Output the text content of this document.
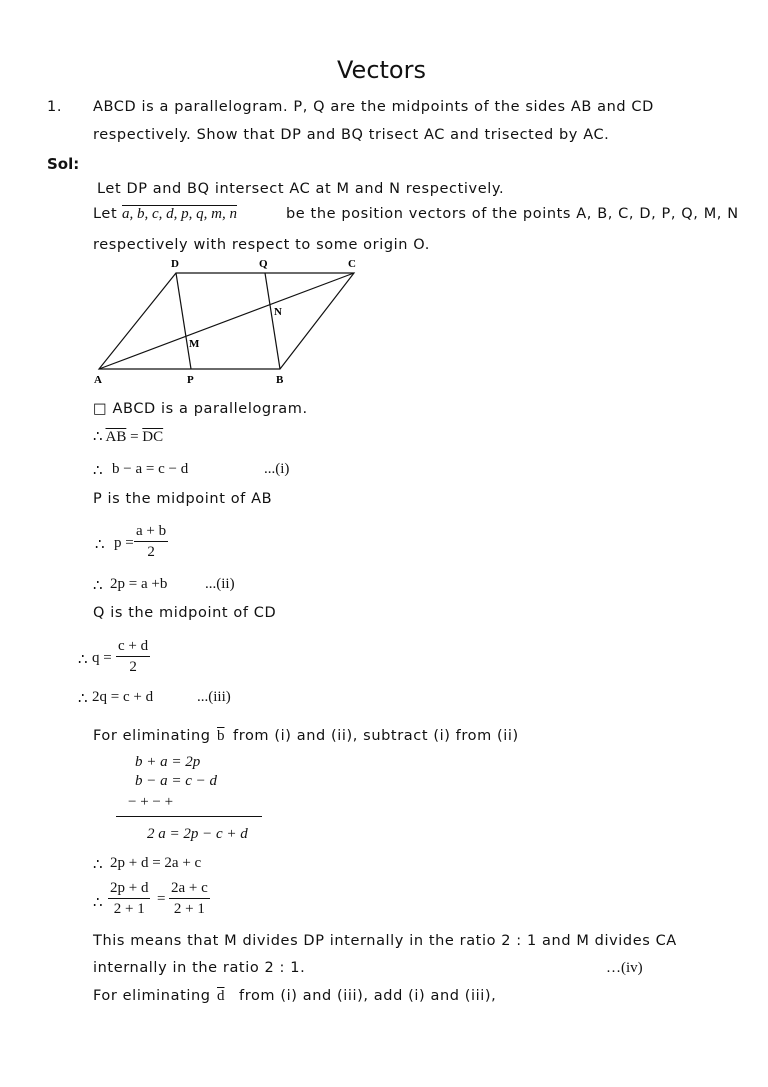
Vectors
1. ABCD is a parallelogram. P, Q are the midpoints of the sides AB and CD
respectively. Show that DP and BQ trisect AC and trisected by AC.
Sol:
Let DP and BQ intersect AC at M and N respectively.
Let a, b, c, d, p, q, m, n	be the position vectors of the points A, B, C, D, P, Q, M, N
respectively with respect to some origin O.
D	Q	C
N
M
A	P	B
□ ABCD is a parallelogram.
∴ $\overline{AB} = \overline{DC}$
∴ b − a = c − d	...(i)
P is the midpoint of AB
∴ $p = \frac{a + b}{2}$
∴ 2p = a +b	...(ii)
Q is the midpoint of CD
∴ $q = \frac{c + d}{2}$
∴ 2q = c + d	...(iii)
For eliminating $\overline{b}$ from (i) and (ii), subtract (i) from (ii)
b + a = 2p
b − a = c − d
− + − +
2 a = 2p − c + d
∴ 2p + d = 2a + c
∴ $\frac{2p + d}{2 + 1} = \frac{2a + c}{2 + 1}$
This means that M divides DP internally in the ratio 2 : 1 and M divides CA
internally in the ratio 2 : 1.	…(iv)
For eliminating $\overline{d}$ from (i) and (iii), add (i) and (iii),
